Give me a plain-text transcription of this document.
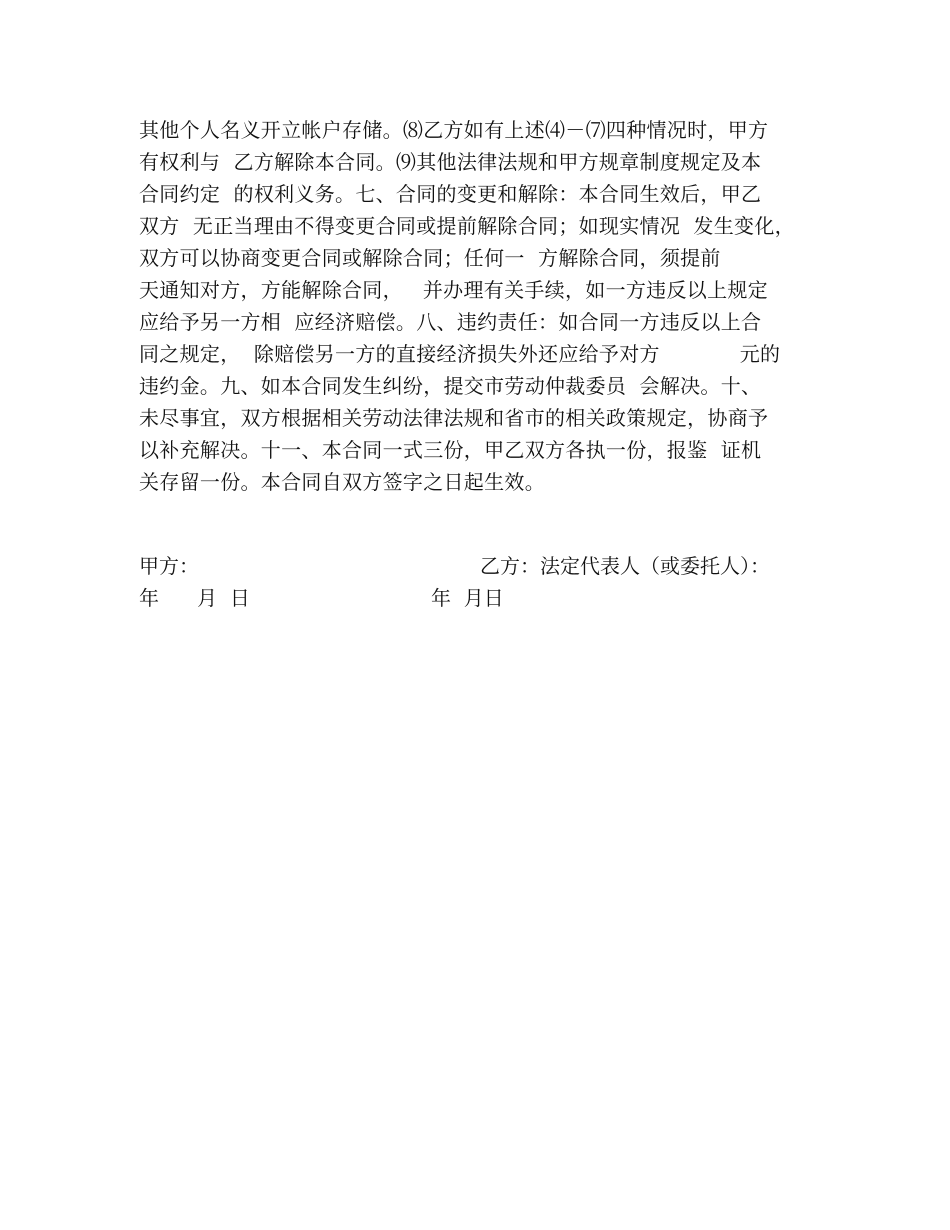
其他个人名义开立帐户存储。⑻乙方如有上述⑷－⑺四种情况时，甲方
有权利与  乙方解除本合同。⑼其他法律法规和甲方规章制度规定及本
合同约定  的权利义务。七、合同的变更和解除：本合同生效后，甲乙
双方  无正当理由不得变更合同或提前解除合同；如现实情况  发生变化，
双方可以协商变更合同或解除合同；任何一  方解除合同，须提前
天通知对方，方能解除合同，   并办理有关手续，如一方违反以上规定
应给予另一方相  应经济赔偿。八、违约责任：如合同一方违反以上合
同之规定，  除赔偿另一方的直接经济损失外还应给予对方            元的
违约金。九、如本合同发生纠纷，提交市劳动仲裁委员  会解决。十、
未尽事宜，双方根据相关劳动法律法规和省市的相关政策规定，协商予
以补充解决。十一、本合同一式三份，甲乙双方各执一份，报鉴  证机
关存留一份。本合同自双方签字之日起生效。

甲方：

	乙方：法定代表人（或委托人）：

年      月  日

	年  月日
